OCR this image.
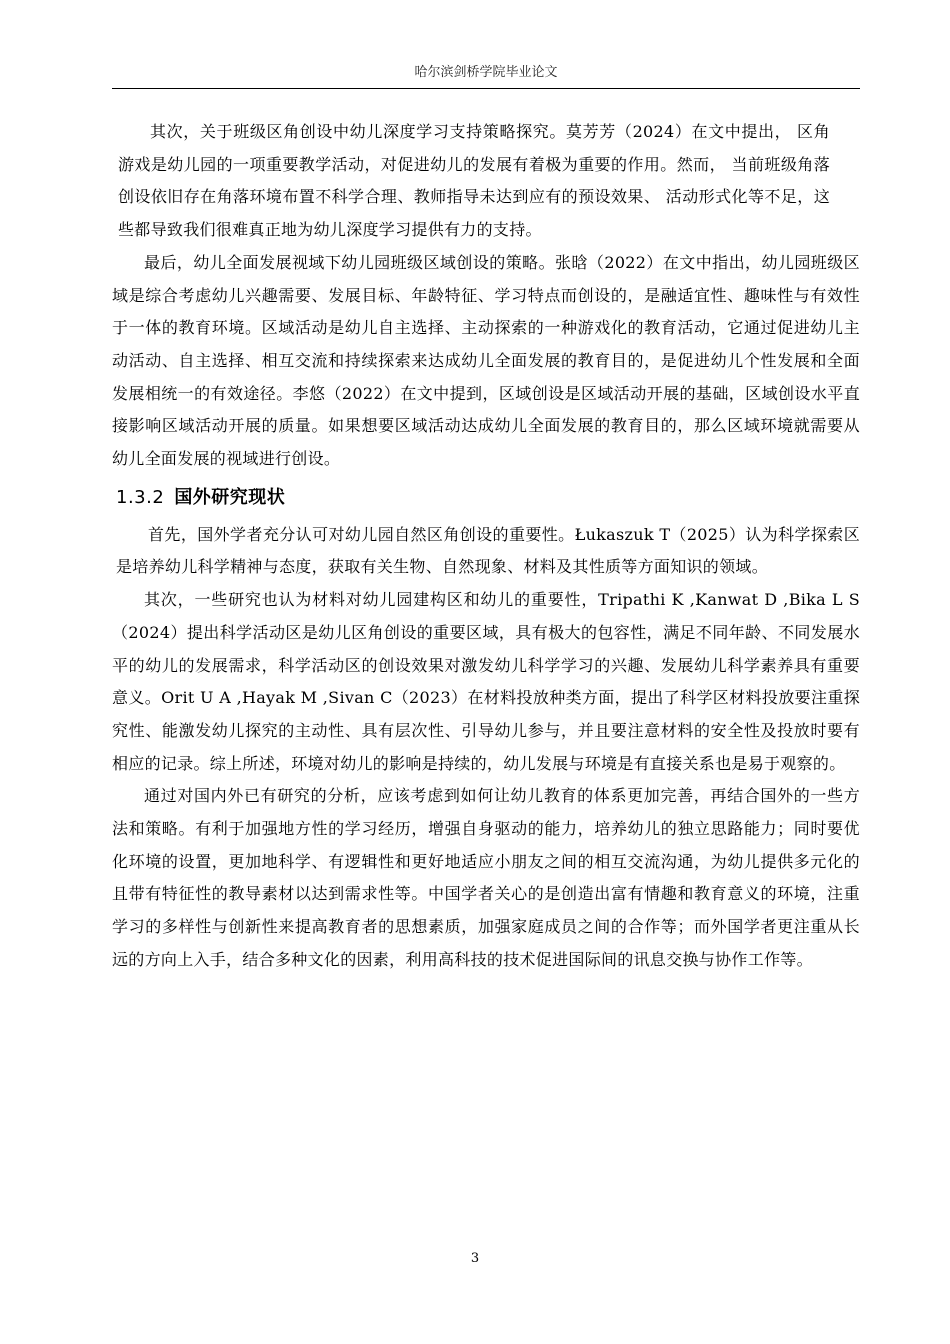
哈尔滨剑桥学院毕业论文

其次，关于班级区角创设中幼儿深度学习支持策略探究。莫芳芳（2024）在文中提出， 区角游戏是幼儿园的一项重要教学活动，对促进幼儿的发展有着极为重要的作用。然而， 当前班级角落创设依旧存在角落环境布置不科学合理、教师指导未达到应有的预设效果、 活动形式化等不足，这些都导致我们很难真正地为幼儿深度学习提供有力的支持。

最后，幼儿全面发展视域下幼儿园班级区域创设的策略。张晗（2022）在文中指出，幼儿园班级区域是综合考虑幼儿兴趣需要、发展目标、年龄特征、学习特点而创设的，是融适宜性、趣味性与有效性于一体的教育环境。区域活动是幼儿自主选择、主动探索的一种游戏化的教育活动，它通过促进幼儿主动活动、自主选择、相互交流和持续探索来达成幼儿全面发展的教育目的，是促进幼儿个性发展和全面发展相统一的有效途径。李悠（2022）在文中提到，区域创设是区域活动开展的基础，区域创设水平直接影响区域活动开展的质量。如果想要区域活动达成幼儿全面发展的教育目的，那么区域环境就需要从幼儿全面发展的视域进行创设。

1.3.2 国外研究现状

首先，国外学者充分认可对幼儿园自然区角创设的重要性。Łukaszuk T（2025）认为科学探索区是培养幼儿科学精神与态度，获取有关生物、自然现象、材料及其性质等方面知识的领域。

其次，一些研究也认为材料对幼儿园建构区和幼儿的重要性，Tripathi K ,Kanwat D ,Bika L S（2024）提出科学活动区是幼儿区角创设的重要区域，具有极大的包容性，满足不同年龄、不同发展水平的幼儿的发展需求，科学活动区的创设效果对激发幼儿科学学习的兴趣、发展幼儿科学素养具有重要意义。Orit U A ,Hayak M ,Sivan C（2023）在材料投放种类方面，提出了科学区材料投放要注重探究性、能激发幼儿探究的主动性、具有层次性、引导幼儿参与，并且要注意材料的安全性及投放时要有相应的记录。综上所述，环境对幼儿的影响是持续的，幼儿发展与环境是有直接关系也是易于观察的。

通过对国内外已有研究的分析，应该考虑到如何让幼儿教育的体系更加完善，再结合国外的一些方法和策略。有利于加强地方性的学习经历，增强自身驱动的能力，培养幼儿的独立思路能力；同时要优化环境的设置，更加地科学、有逻辑性和更好地适应小朋友之间的相互交流沟通，为幼儿提供多元化的且带有特征性的教导素材以达到需求性等。中国学者关心的是创造出富有情趣和教育意义的环境，注重学习的多样性与创新性来提高教育者的思想素质，加强家庭成员之间的合作等；而外国学者更注重从长远的方向上入手，结合多种文化的因素，利用高科技的技术促进国际间的讯息交换与协作工作等。

3
